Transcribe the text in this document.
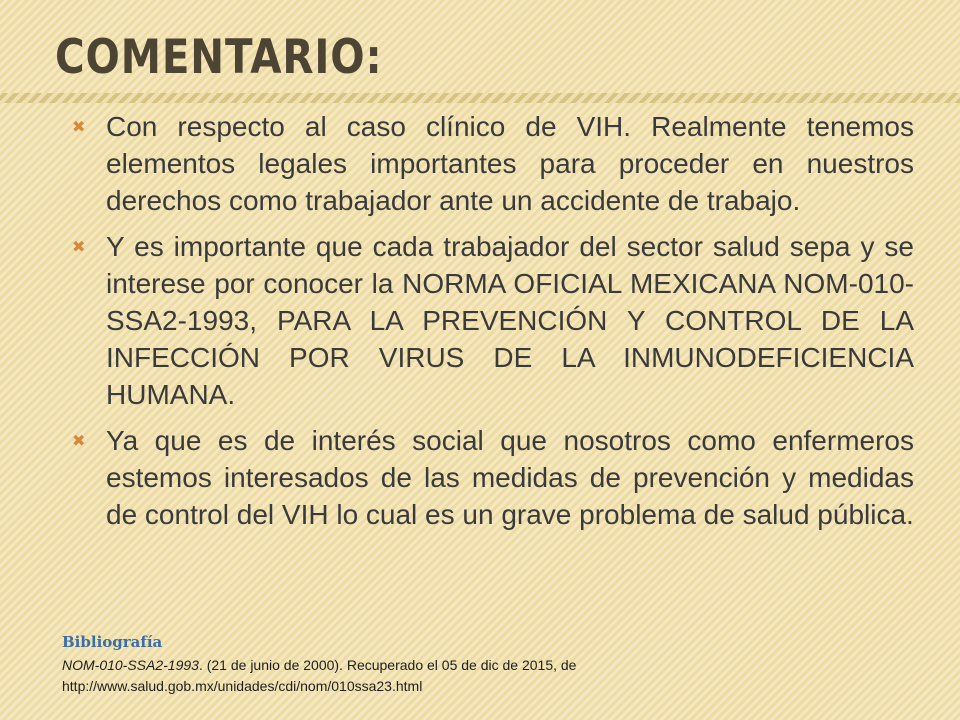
COMENTARIO:
✖ Con respecto al caso clínico de VIH. Realmente tenemos elementos legales importantes para proceder en nuestros derechos como trabajador ante un accidente de trabajo.
✖ Y es importante que cada trabajador del sector salud sepa y se interese por conocer la NORMA OFICIAL MEXICANA NOM-010-SSA2-1993, PARA LA PREVENCIÓN Y CONTROL DE LA INFECCIÓN POR VIRUS DE LA INMUNODEFICIENCIA HUMANA.
✖ Ya que es de interés social que nosotros como enfermeros estemos interesados de las medidas de prevención y medidas de control del VIH lo cual es un grave problema de salud pública.

Bibliografía

NOM-010-SSA2-1993. (21 de junio de 2000). Recuperado el 05 de dic de 2015, de
http://www.salud.gob.mx/unidades/cdi/nom/010ssa23.html
